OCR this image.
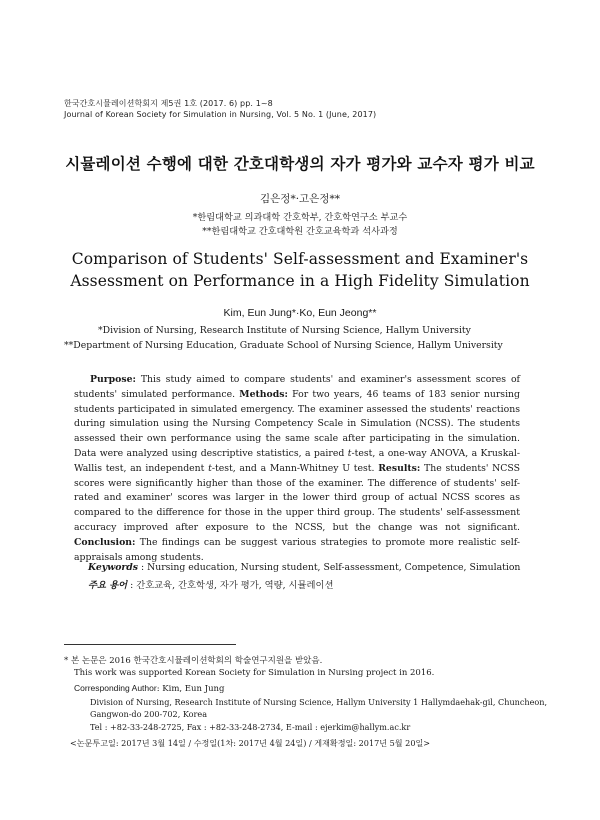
한국간호시뮬레이션학회지 제5권 1호 (2017. 6) pp. 1~8
Journal of Korean Society for Simulation in Nursing, Vol. 5 No. 1 (June, 2017)
시뮬레이션 수행에 대한 간호대학생의 자가 평가와 교수자 평가 비교
김은정*·고은정**
*한림대학교 의과대학 간호학부, 간호학연구소 부교수
**한림대학교 간호대학원 간호교육학과 석사과정
Comparison of Students' Self-assessment and Examiner's
Assessment on Performance in a High Fidelity Simulation
Kim, Eun Jung*·Ko, Eun Jeong**
*Division of Nursing, Research Institute of Nursing Science, Hallym University
**Department of Nursing Education, Graduate School of Nursing Science, Hallym University
Purpose: This study aimed to compare students' and examiner's assessment scores of students' simulated performance. Methods: For two years, 46 teams of 183 senior nursing students participated in simulated emergency. The examiner assessed the students' reactions during simulation using the Nursing Competency Scale in Simulation (NCSS). The students assessed their own performance using the same scale after participating in the simulation. Data were analyzed using descriptive statistics, a paired t-test, a one-way ANOVA, a Kruskal-Wallis test, an independent t-test, and a Mann-Whitney U test. Results: The students' NCSS scores were significantly higher than those of the examiner. The difference of students' self-rated and examiner' scores was larger in the lower third group of actual NCSS scores as compared to the difference for those in the upper third group. The students' self-assessment accuracy improved after exposure to the NCSS, but the change was not significant. Conclusion: The findings can be suggest various strategies to promote more realistic self-appraisals among students.
Keywords : Nursing education, Nursing student, Self-assessment, Competence, Simulation
주요 용어 : 간호교육, 간호학생, 자가 평가, 역량, 시뮬레이션
* 본 논문은 2016 한국간호시뮬레이션학회의 학술연구지원을 받았음.
This work was supported Korean Society for Simulation in Nursing project in 2016.
Corresponding Author: Kim, Eun Jung
Division of Nursing, Research Institute of Nursing Science, Hallym University 1 Hallymdaehak-gil, Chuncheon,
Gangwon-do 200-702, Korea
Tel : +82-33-248-2725, Fax : +82-33-248-2734, E-mail : ejerkim@hallym.ac.kr
<논문투고일: 2017년 3월 14일 / 수정일(1차: 2017년 4월 24일) / 게재확정일: 2017년 5월 20일>
